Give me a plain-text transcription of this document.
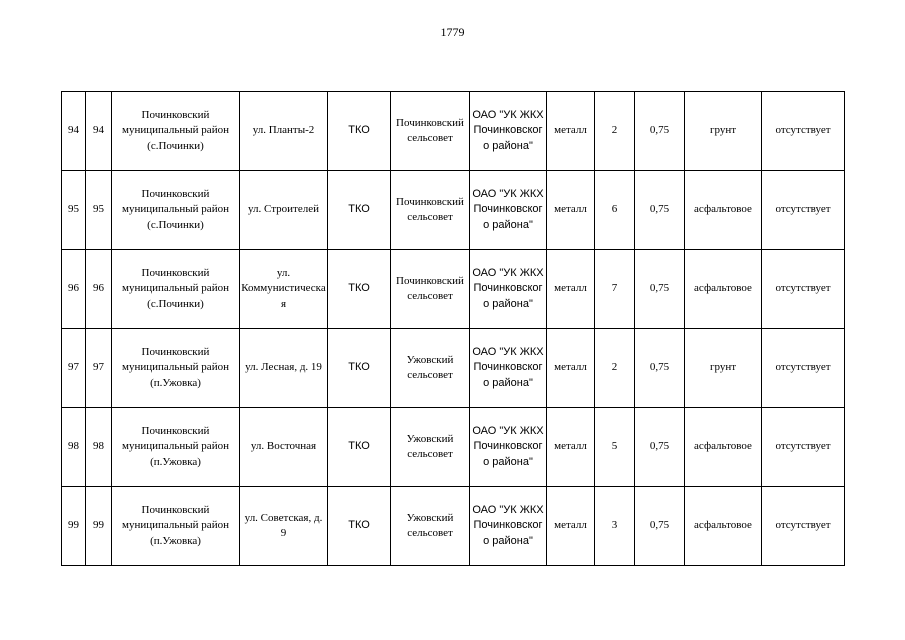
1779
94	94	Починковский муниципальный район (с.Починки)	ул. Планты-2	ТКО	Починковский сельсовет	ОАО "УК ЖКХ Починковского района"	металл	2	0,75	грунт	отсутствует
95	95	Починковский муниципальный район (с.Починки)	ул. Строителей	ТКО	Починковский сельсовет	ОАО "УК ЖКХ Починковского района"	металл	6	0,75	асфальтовое	отсутствует
96	96	Починковский муниципальный район (с.Починки)	ул. Коммунистическая	ТКО	Починковский сельсовет	ОАО "УК ЖКХ Починковского района"	металл	7	0,75	асфальтовое	отсутствует
97	97	Починковский муниципальный район (п.Ужовка)	ул. Лесная, д. 19	ТКО	Ужовский сельсовет	ОАО "УК ЖКХ Починковского района"	металл	2	0,75	грунт	отсутствует
98	98	Починковский муниципальный район (п.Ужовка)	ул. Восточная	ТКО	Ужовский сельсовет	ОАО "УК ЖКХ Починковского района"	металл	5	0,75	асфальтовое	отсутствует
99	99	Починковский муниципальный район (п.Ужовка)	ул. Советская, д. 9	ТКО	Ужовский сельсовет	ОАО "УК ЖКХ Починковского района"	металл	3	0,75	асфальтовое	отсутствует
